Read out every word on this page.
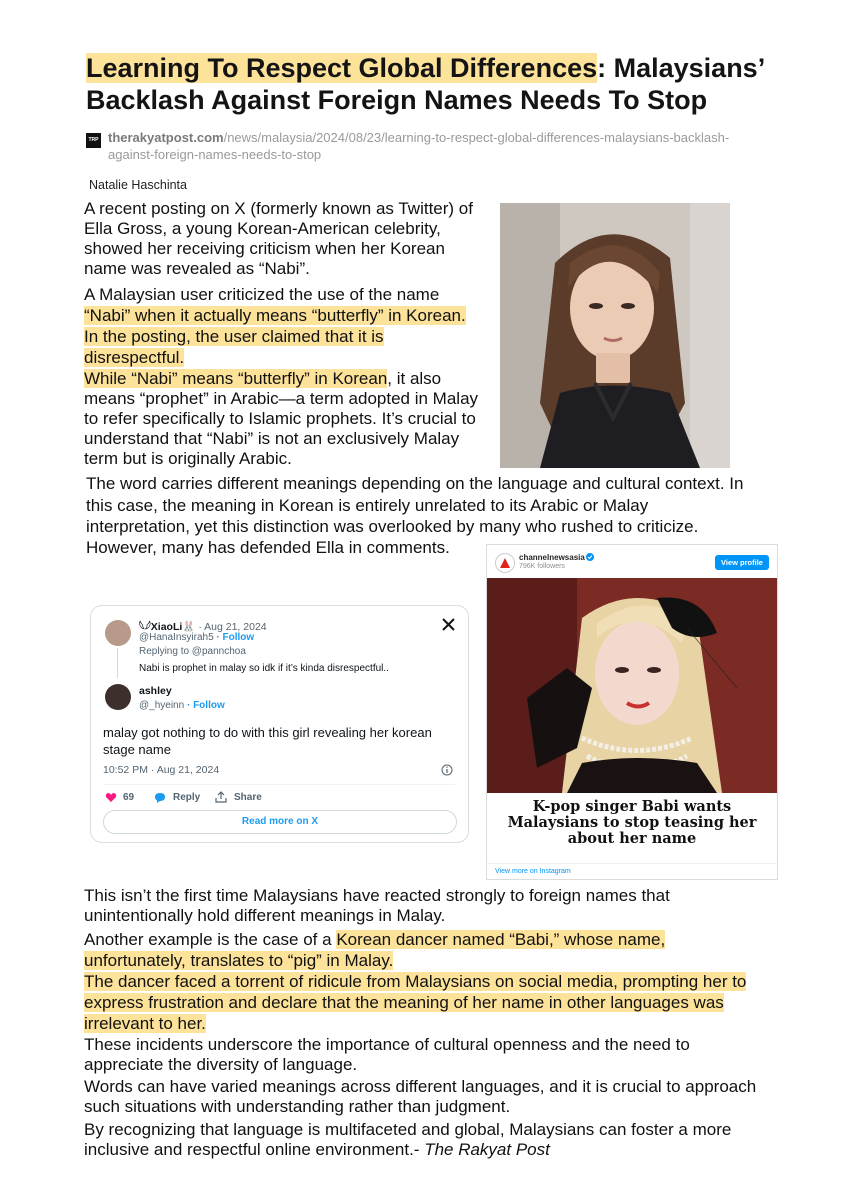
Learning To Respect Global Differences: Malaysians’ Backlash Against Foreign Names Needs To Stop
TRP therakyatpost.com/news/malaysia/2024/08/23/learning-to-respect-global-differences-malaysians-backlash-against-foreign-names-needs-to-stop
Natalie Haschinta

A recent posting on X (formerly known as Twitter) of Ella Gross, a young Korean-American celebrity, showed her receiving criticism when her Korean name was revealed as “Nabi”.

A Malaysian user criticized the use of the name “Nabi” when it actually means “butterfly” in Korean. In the posting, the user claimed that it is disrespectful.

While “Nabi” means “butterfly” in Korean, it also means “prophet” in Arabic—a term adopted in Malay to refer specifically to Islamic prophets. It’s crucial to understand that “Nabi” is not an exclusively Malay term but is originally Arabic.

The word carries different meanings depending on the language and cultural context. In this case, the meaning in Korean is entirely unrelated to its Arabic or Malay interpretation, yet this distinction was overlooked by many who rushed to criticize.

However, many has defended Ella in comments.

𓆩𓆪XiaoLi🐰 · Aug 21, 2024
@HanaInsyirah5 · Follow
Replying to @pannchoa
Nabi is prophet in malay so idk if it’s kinda disrespectful..
ashley
@_hyeinn · Follow
malay got nothing to do with this girl revealing her korean stage name
10:52 PM · Aug 21, 2024
69	Reply	Share
Read more on X
channelnewsasia
796K followers	View profile
K-pop singer Babi wants Malaysians to stop teasing her about her name
View more on Instagram

This isn’t the first time Malaysians have reacted strongly to foreign names that unintentionally hold different meanings in Malay.

Another example is the case of a Korean dancer named “Babi,” whose name, unfortunately, translates to “pig” in Malay.

The dancer faced a torrent of ridicule from Malaysians on social media, prompting her to express frustration and declare that the meaning of her name in other languages was irrelevant to her.

These incidents underscore the importance of cultural openness and the need to appreciate the diversity of language.

Words can have varied meanings across different languages, and it is crucial to approach such situations with understanding rather than judgment.

By recognizing that language is multifaceted and global, Malaysians can foster a more inclusive and respectful online environment.- The Rakyat Post
